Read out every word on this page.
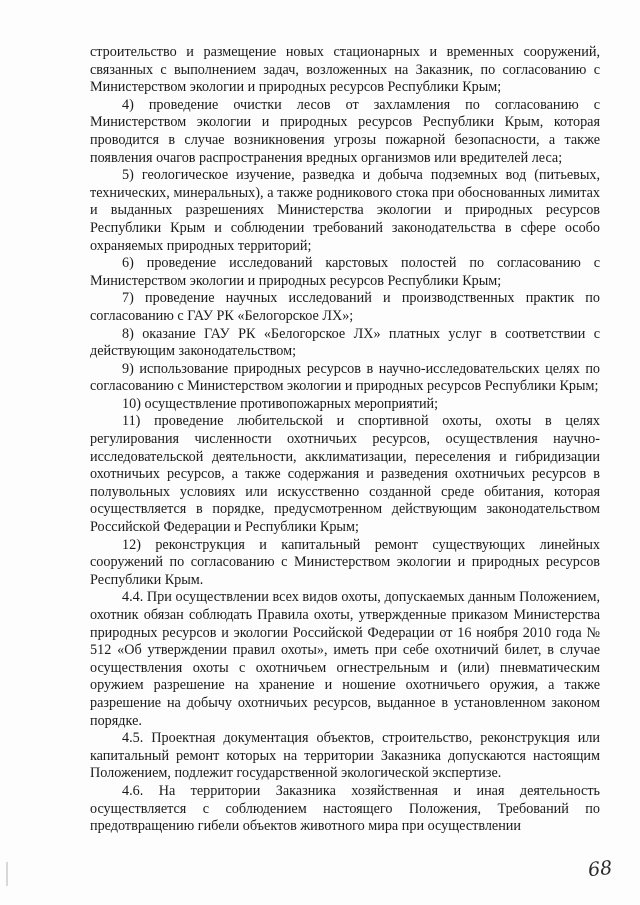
строительство и размещение новых стационарных и временных сооружений, связанных с выполнением задач, возложенных на Заказник, по согласованию с Министерством экологии и природных ресурсов Республики Крым;

4) проведение очистки лесов от захламления по согласованию с Министерством экологии и природных ресурсов Республики Крым, которая проводится в случае возникновения угрозы пожарной безопасности, а также появления очагов распространения вредных организмов или вредителей леса;

5) геологическое изучение, разведка и добыча подземных вод (питьевых, технических, минеральных), а также родникового стока при обоснованных лимитах и выданных разрешениях Министерства экологии и природных ресурсов Республики Крым и соблюдении требований законодательства в сфере особо охраняемых природных территорий;

6) проведение исследований карстовых полостей по согласованию с Министерством экологии и природных ресурсов Республики Крым;

7) проведение научных исследований и производственных практик по согласованию с ГАУ РК «Белогорское ЛХ»;

8) оказание ГАУ РК «Белогорское ЛХ» платных услуг в соответствии с действующим законодательством;

9) использование природных ресурсов в научно-исследовательских целях по согласованию с Министерством экологии и природных ресурсов Республики Крым;

10) осуществление противопожарных мероприятий;

11) проведение любительской и спортивной охоты, охоты в целях регулирования численности охотничьих ресурсов, осуществления научно-исследовательской деятельности, акклиматизации, переселения и гибридизации охотничьих ресурсов, а также содержания и разведения охотничьих ресурсов в полувольных условиях или искусственно созданной среде обитания, которая осуществляется в порядке, предусмотренном действующим законодательством Российской Федерации и Республики Крым;

12) реконструкция и капитальный ремонт существующих линейных сооружений по согласованию с Министерством экологии и природных ресурсов Республики Крым.

4.4. При осуществлении всех видов охоты, допускаемых данным Положением, охотник обязан соблюдать Правила охоты, утвержденные приказом Министерства природных ресурсов и экологии Российской Федерации от 16 ноября 2010 года № 512 «Об утверждении правил охоты», иметь при себе охотничий билет, в случае осуществления охоты с охотничьем огнестрельным и (или) пневматическим оружием разрешение на хранение и ношение охотничьего оружия, а также разрешение на добычу охотничьих ресурсов, выданное в установленном законом порядке.

4.5. Проектная документация объектов, строительство, реконструкция или капитальный ремонт которых на территории Заказника допускаются настоящим Положением, подлежит государственной экологической экспертизе.

4.6. На территории Заказника хозяйственная и иная деятельность осуществляется с соблюдением настоящего Положения, Требований по предотвращению гибели объектов животного мира при осуществлении

68
